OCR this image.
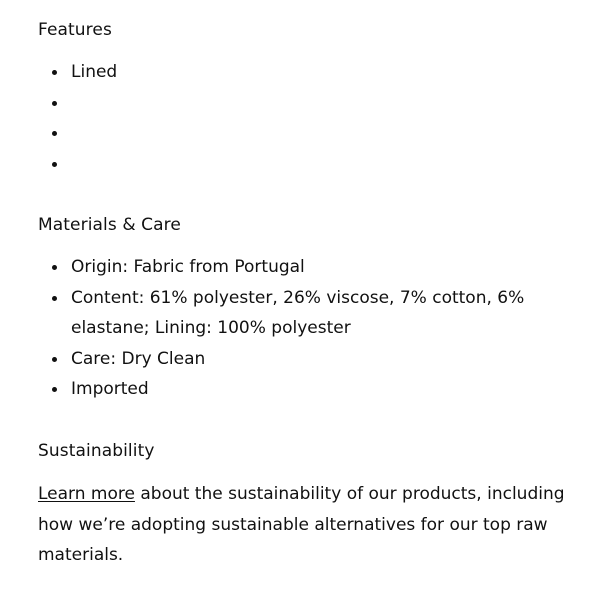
Features
Lined
Materials & Care
Origin: Fabric from Portugal
Content: 61% polyester, 26% viscose, 7% cotton, 6% elastane; Lining: 100% polyester
Care: Dry Clean
Imported
Sustainability

Learn more about the sustainability of our products, including how we’re adopting sustainable alternatives for our top raw materials.
